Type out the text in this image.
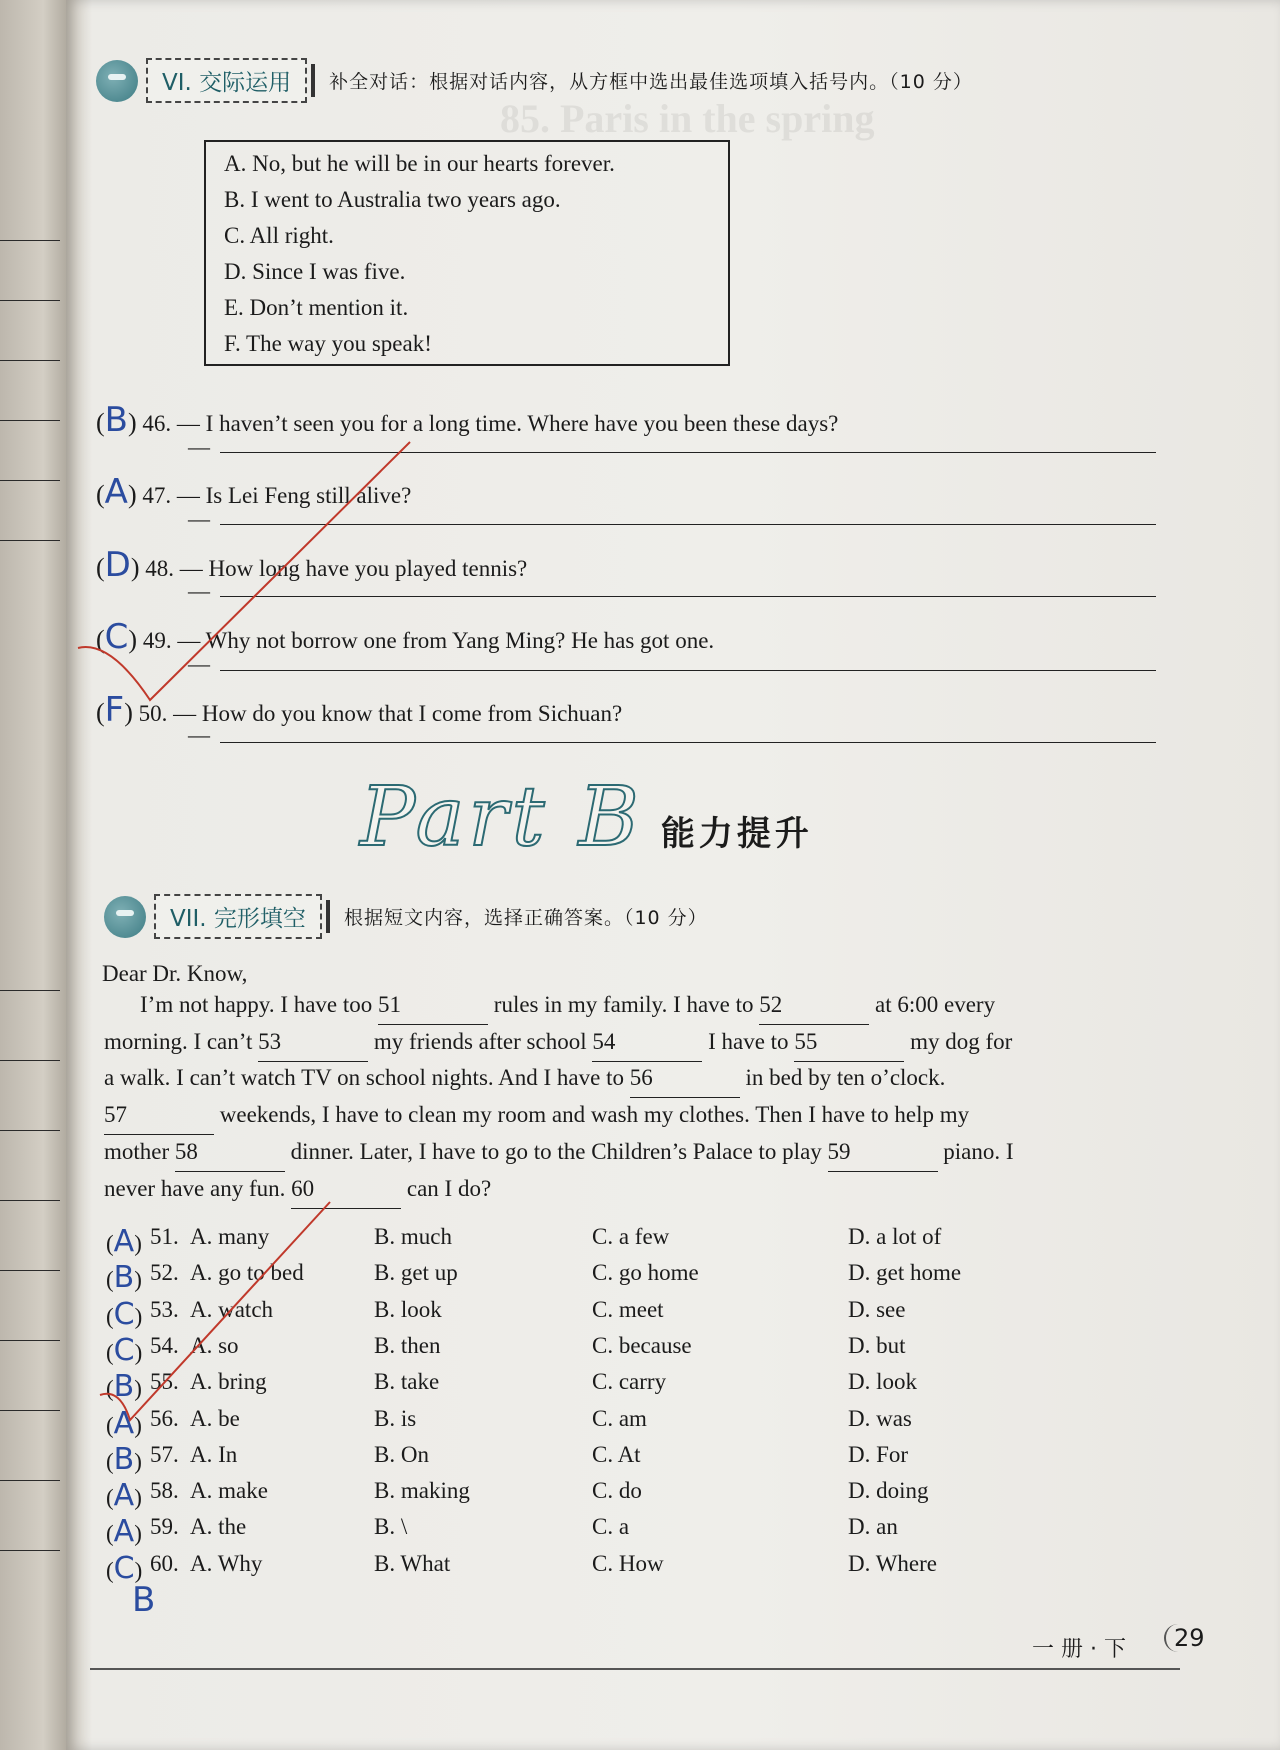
85. Paris in the spring
VI. 交际运用	补全对话：根据对话内容，从方框中选出最佳选项填入括号内。（10 分）
A. No, but he will be in our hearts forever.
B. I went to Australia two years ago.
C. All right.
D. Since I was five.
E. Don’t mention it.
F. The way you speak!
(B) 46. — I haven’t seen you for a long time. Where have you been these days?
—
(A) 47. — Is Lei Feng still alive?
—
(D) 48. — How long have you played tennis?
—
(C) 49. — Why not borrow one from Yang Ming? He has got one.
—
(F) 50. — How do you know that I come from Sichuan?
—
Part B 能力提升
VII. 完形填空	根据短文内容，选择正确答案。（10 分）
Dear Dr. Know,
I’m not happy. I have too 51	rules in my family. I have to 52	at 6:00 every
morning. I can’t 53	my friends after school 54	I have to 55	my dog for
a walk. I can’t watch TV on school nights. And I have to 56	in bed by ten o’clock.
57	weekends, I have to clean my room and wash my clothes. Then I have to help my
mother 58	dinner. Later, I have to go to the Children’s Palace to play 59	piano. I
never have any fun. 60	can I do?
(A) 51. A. many	B. much	C. a few	D. a lot of
(B) 52. A. go to bed	B. get up	C. go home	D. get home
(C) 53. A. watch	B. look	C. meet	D. see
(C) 54. A. so	B. then	C. because	D. but
(B) 55. A. bring	B. take	C. carry	D. look
(A) 56. A. be	B. is	C. am	D. was
(B) 57. A. In	B. On	C. At	D. For
(A) 58. A. make	B. making	C. do	D. doing
(A) 59. A. the	B. \	C. a	D. an
(C) 60. A. Why	B. What	C. How	D. Where
B
一 册 · 下	29
